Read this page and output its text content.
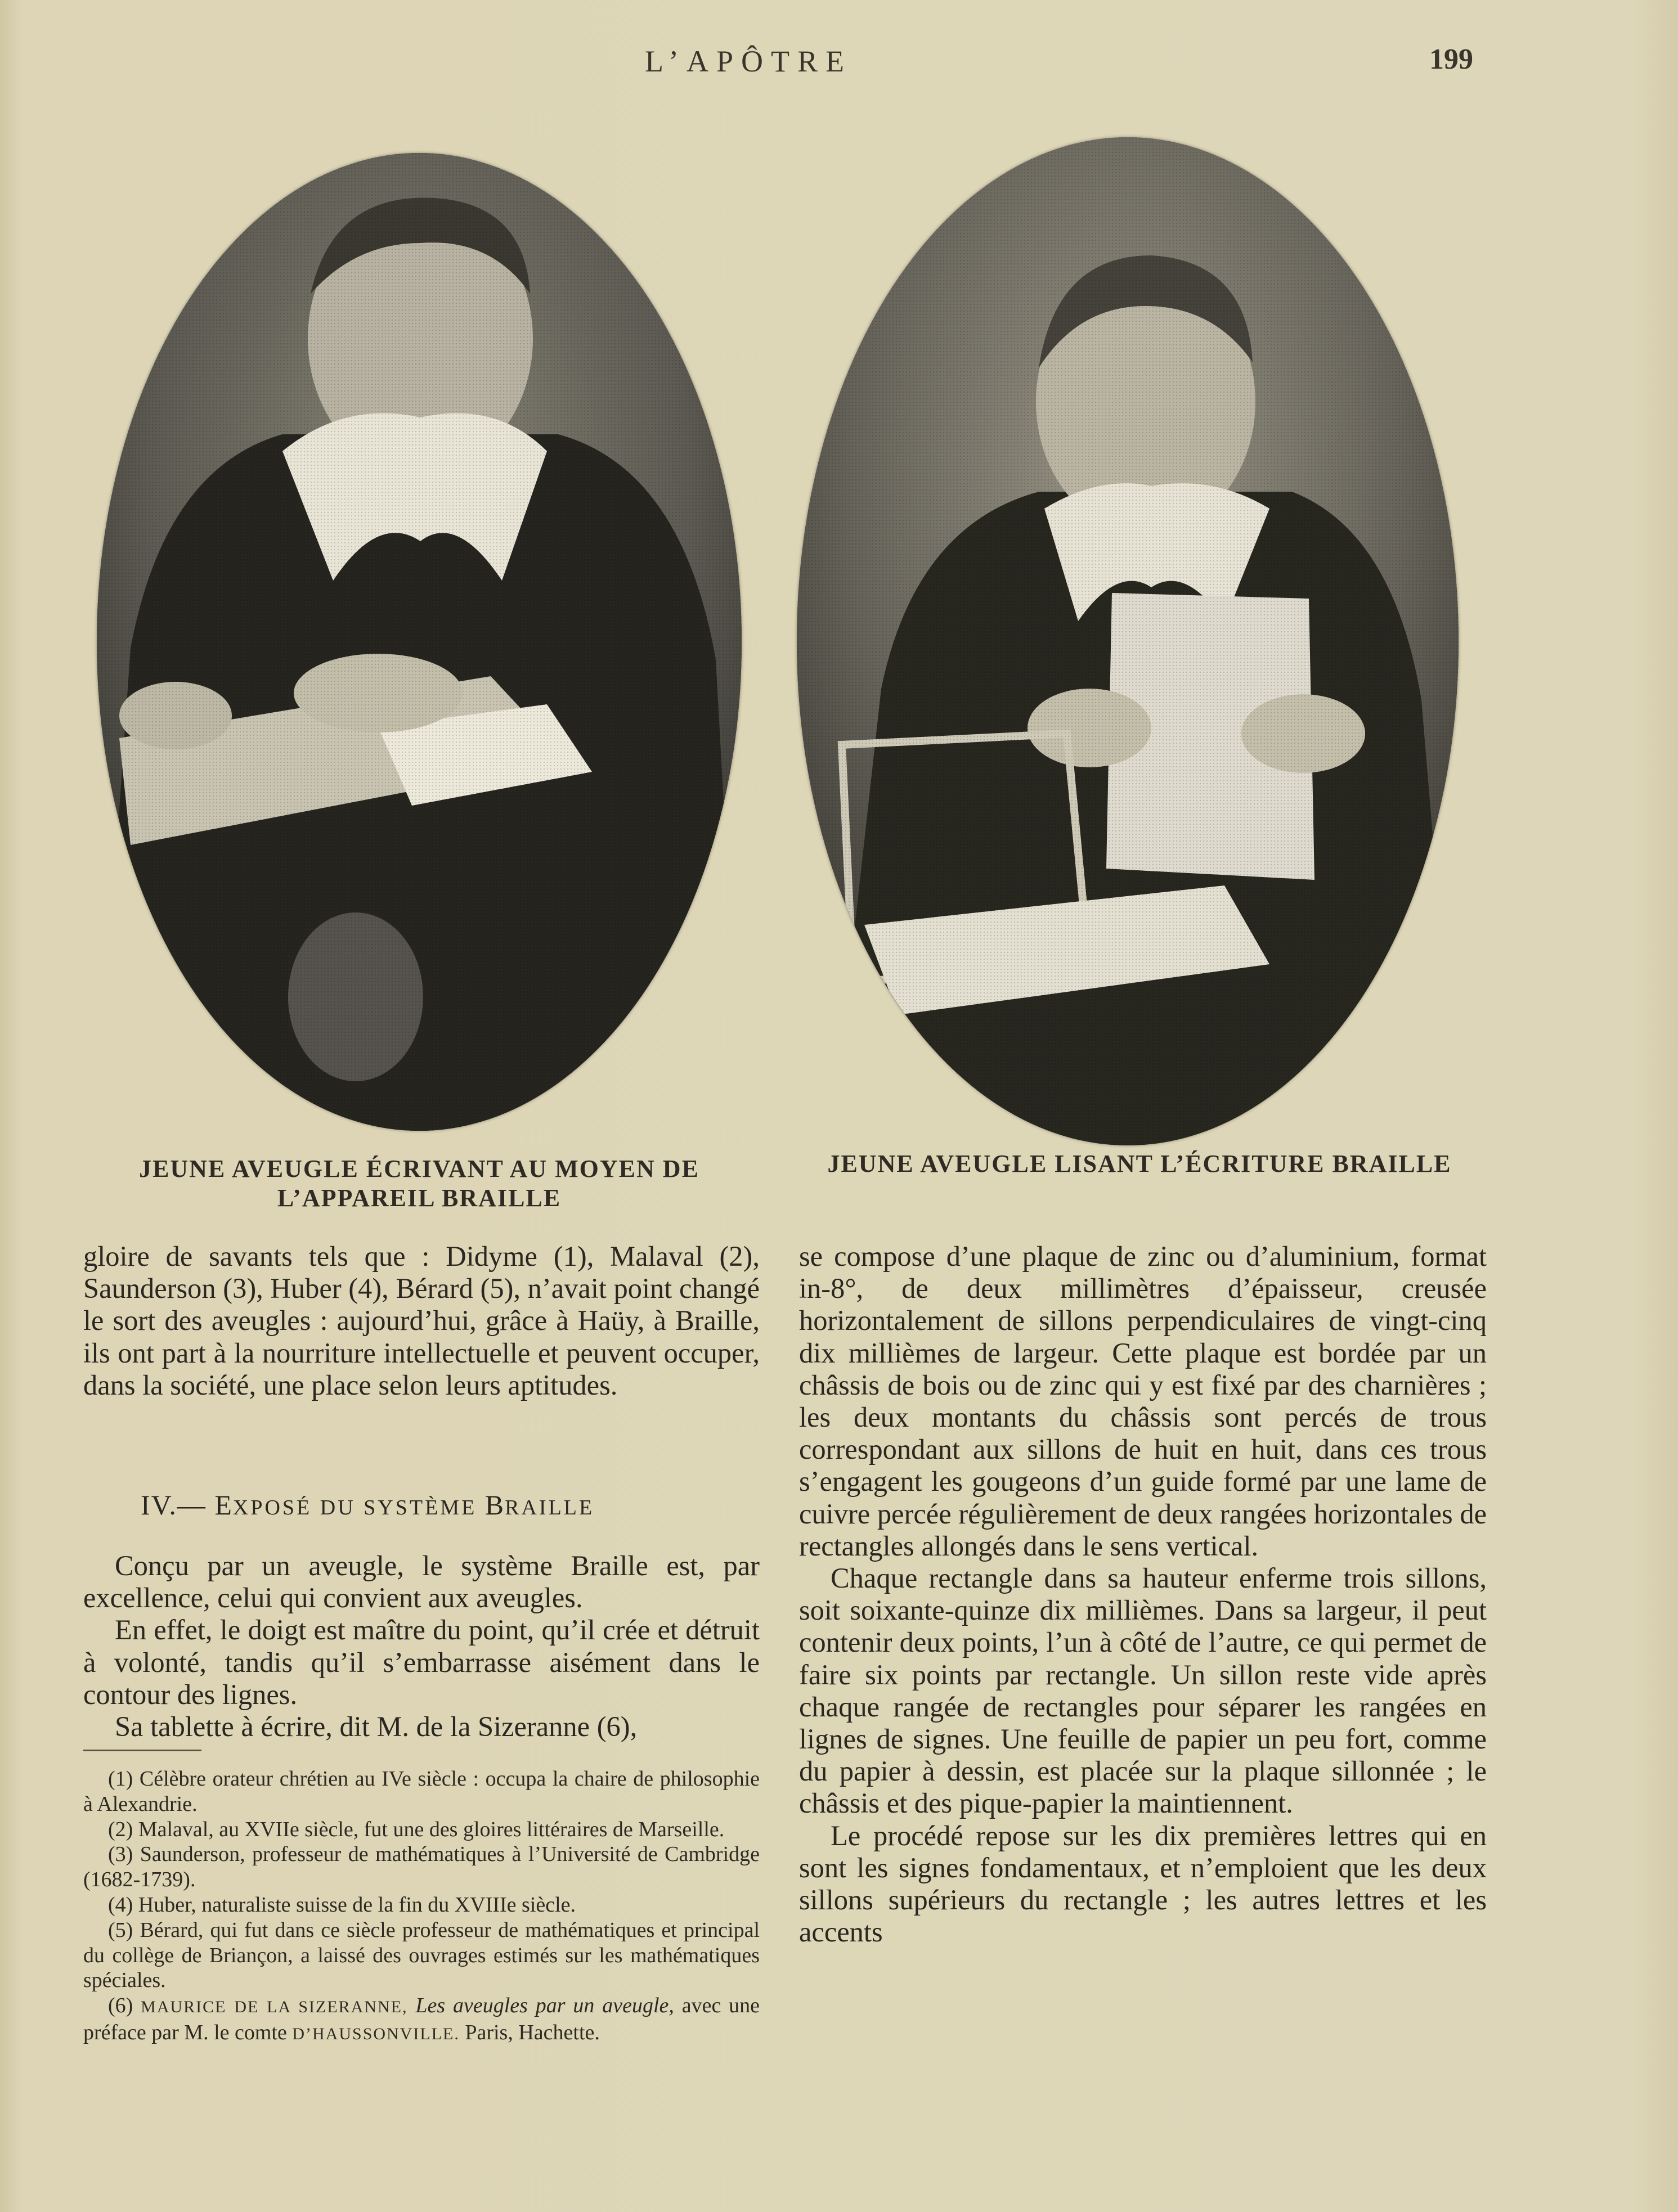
L’APÔTRE	199
JEUNE AVEUGLE ÉCRIVANT AU MOYEN DE L’APPAREIL BRAILLE
JEUNE AVEUGLE LISANT L’ÉCRITURE BRAILLE

gloire de savants tels que : Didyme (1), Malaval (2), Saunderson (3), Huber (4), Bérard (5), n’avait point changé le sort des aveugles : aujourd’hui, grâce à Haüy, à Braille, ils ont part à la nourriture intellectuelle et peuvent occuper, dans la société, une place selon leurs aptitudes.

IV.— EXPOSÉ DU SYSTÈME BRAILLE

Conçu par un aveugle, le système Braille est, par excellence, celui qui convient aux aveugles.

En effet, le doigt est maître du point, qu’il crée et détruit à volonté, tandis qu’il s’embarrasse aisément dans le contour des lignes.

Sa tablette à écrire, dit M. de la Sizeranne (6),

(1) Célèbre orateur chrétien au IVe siècle : occupa la chaire de philosophie à Alexandrie.

(2) Malaval, au XVIIe siècle, fut une des gloires littéraires de Marseille.

(3) Saunderson, professeur de mathématiques à l’Université de Cambridge (1682-1739).

(4) Huber, naturaliste suisse de la fin du XVIIIe siècle.

(5) Bérard, qui fut dans ce siècle professeur de mathématiques et principal du collège de Briançon, a laissé des ouvrages estimés sur les mathématiques spéciales.

(6) MAURICE DE LA SIZERANNE, Les aveugles par un aveugle, avec une préface par M. le comte D’HAUSSONVILLE. Paris, Hachette.

se compose d’une plaque de zinc ou d’aluminium, format in-8°, de deux millimètres d’épaisseur, creusée horizontalement de sillons perpendiculaires de vingt-cinq dix millièmes de largeur. Cette plaque est bordée par un châssis de bois ou de zinc qui y est fixé par des charnières ; les deux montants du châssis sont percés de trous correspondant aux sillons de huit en huit, dans ces trous s’engagent les gougeons d’un guide formé par une lame de cuivre percée régulièrement de deux rangées horizontales de rectangles allongés dans le sens vertical.

Chaque rectangle dans sa hauteur enferme trois sillons, soit soixante-quinze dix millièmes. Dans sa largeur, il peut contenir deux points, l’un à côté de l’autre, ce qui permet de faire six points par rectangle. Un sillon reste vide après chaque rangée de rectangles pour séparer les rangées en lignes de signes. Une feuille de papier un peu fort, comme du papier à dessin, est placée sur la plaque sillonnée ; le châssis et des pique-papier la maintiennent.

Le procédé repose sur les dix premières lettres qui en sont les signes fondamentaux, et n’emploient que les deux sillons supérieurs du rectangle ; les autres lettres et les accents
